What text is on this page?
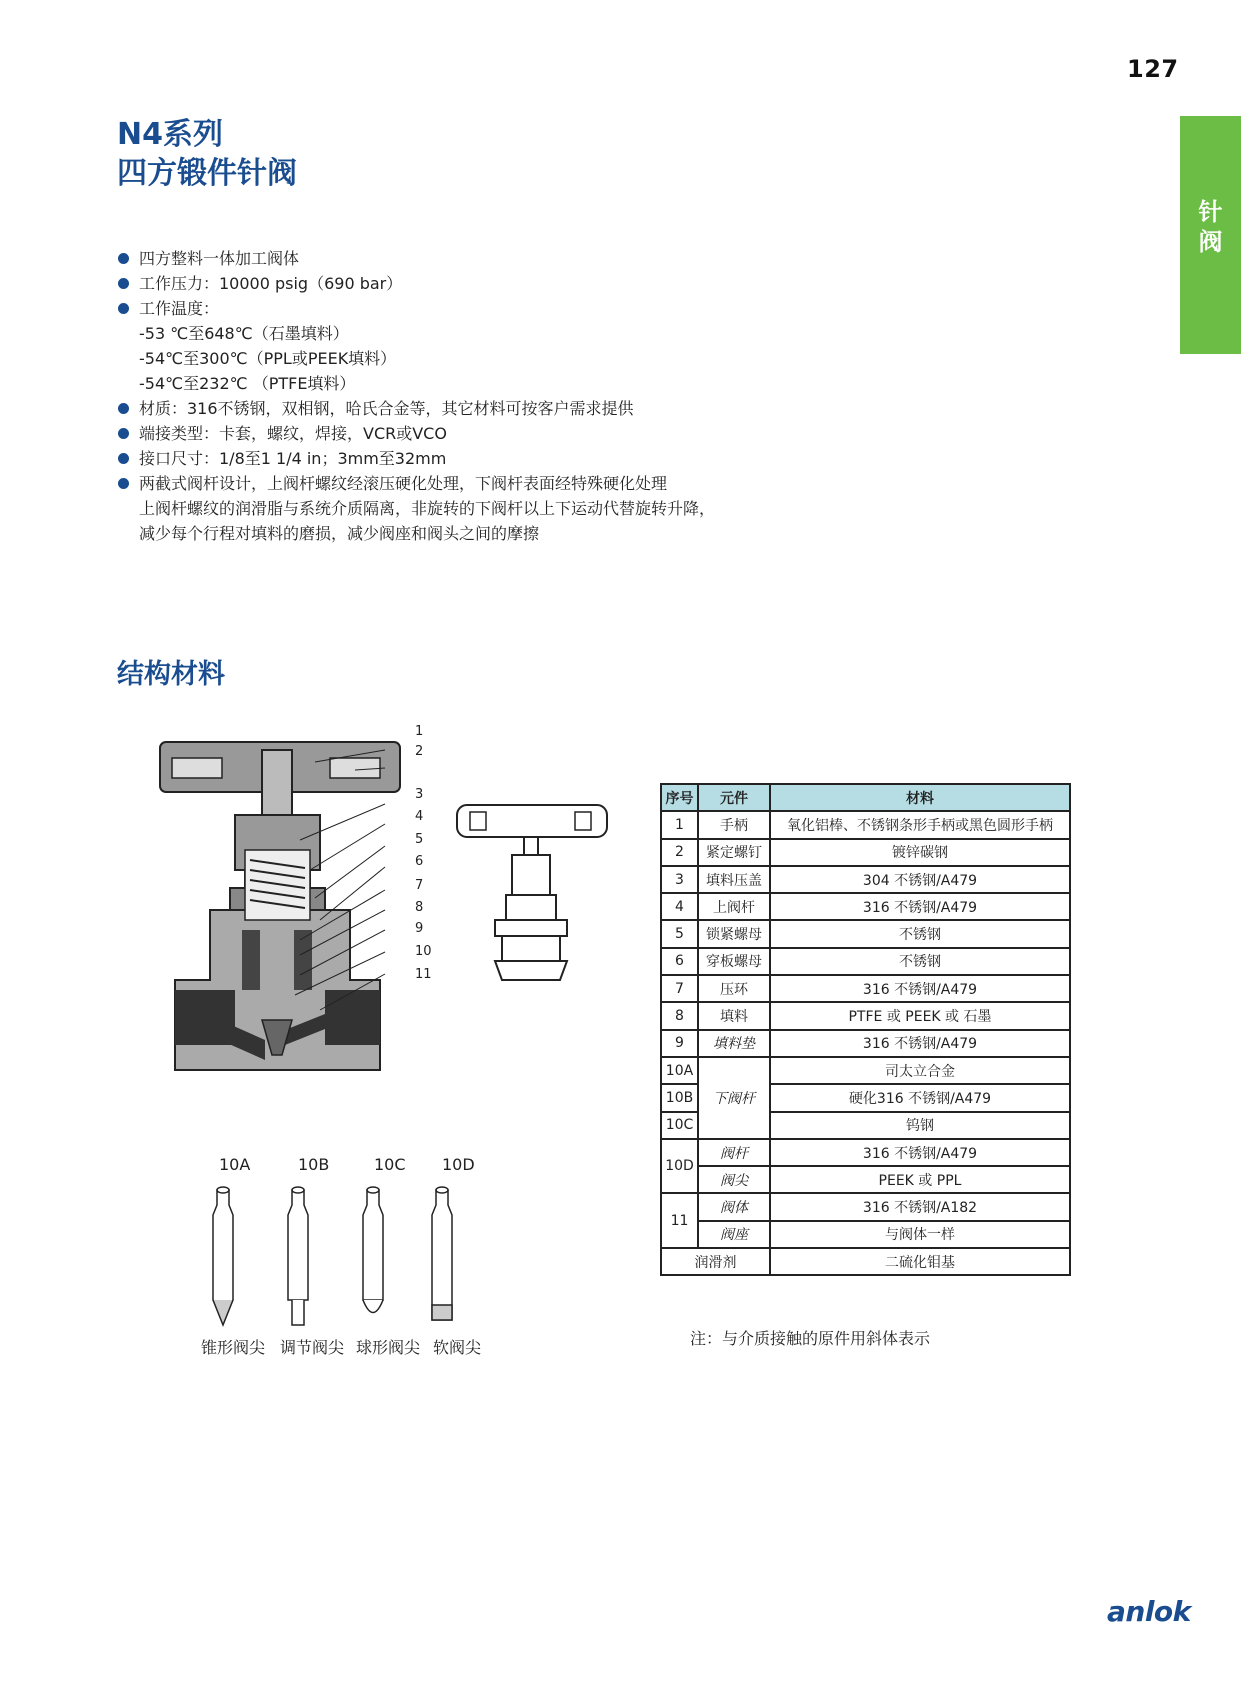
127
针
阀
N4系列
四方锻件针阀
四方整料一体加工阀体
工作压力：10000 psig（690 bar）
工作温度：
-53 ℃至648℃（石墨填料）
-54℃至300℃（PPL或PEEK填料）
-54℃至232℃ （PTFE填料）
材质：316不锈钢，双相钢，哈氏合金等，其它材料可按客户需求提供
端接类型：卡套，螺纹，焊接，VCR或VCO
接口尺寸：1/8至1 1/4 in；3mm至32mm
两截式阀杆设计，上阀杆螺纹经滚压硬化处理，下阀杆表面经特殊硬化处理
上阀杆螺纹的润滑脂与系统介质隔离，非旋转的下阀杆以上下运动代替旋转升降，
减少每个行程对填料的磨损，减少阀座和阀头之间的摩擦
结构材料
1
2
3
4
5
6
7
8
9
10
11
10A	10B	10C 10D
锥形阀尖 调节阀尖 球形阀尖 软阀尖
序号	元件	材料
1	手柄	氧化铝棒、不锈钢条形手柄或黑色圆形手柄
2	紧定螺钉	镀锌碳钢
3	填料压盖	304 不锈钢/A479
4	上阀杆	316 不锈钢/A479
5	锁紧螺母	不锈钢
6	穿板螺母	不锈钢
7	压环	316 不锈钢/A479
8	填料	PTFE 或 PEEK 或 石墨
9	填料垫	316 不锈钢/A479
10A	下阀杆	司太立合金
10B		硬化316 不锈钢/A479
10C		钨钢
10D	阀杆	316 不锈钢/A479
	阀尖	PEEK 或 PPL
11	阀体	316 不锈钢/A182
	阀座	与阀体一样
润滑剂		二硫化钼基
注：与介质接触的原件用斜体表示
anlok
